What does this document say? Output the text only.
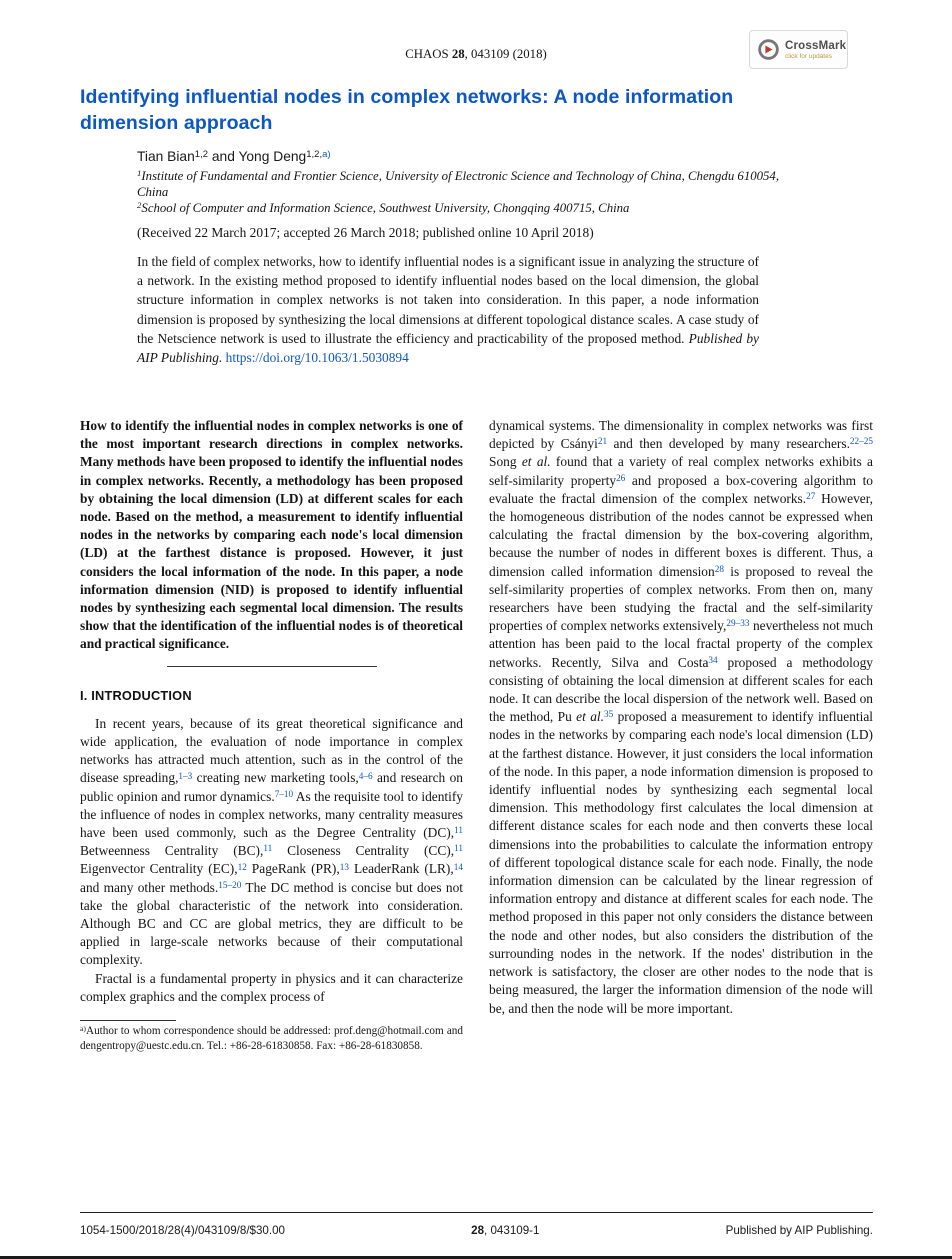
CHAOS 28, 043109 (2018)
CrossMark
click for updates
Identifying influential nodes in complex networks: A node information dimension approach
Tian Bian$^{1,2}$ and Yong Deng$^{1,2,a)}$
$^1$Institute of Fundamental and Frontier Science, University of Electronic Science and Technology of China, Chengdu 610054, China
$^2$School of Computer and Information Science, Southwest University, Chongqing 400715, China
(Received 22 March 2017; accepted 26 March 2018; published online 10 April 2018)
In the field of complex networks, how to identify influential nodes is a significant issue in analyzing the structure of a network. In the existing method proposed to identify influential nodes based on the local dimension, the global structure information in complex networks is not taken into consideration. In this paper, a node information dimension is proposed by synthesizing the local dimensions at different topological distance scales. A case study of the Netscience network is used to illustrate the efficiency and practicability of the proposed method. Published by AIP Publishing. https://doi.org/10.1063/1.5030894

How to identify the influential nodes in complex networks is one of the most important research directions in complex networks. Many methods have been proposed to identify the influential nodes in complex networks. Recently, a methodology has been proposed by obtaining the local dimension (LD) at different scales for each node. Based on the method, a measurement to identify influential nodes in the networks by comparing each node's local dimension (LD) at the farthest distance is proposed. However, it just considers the local information of the node. In this paper, a node information dimension (NID) is proposed to identify influential nodes by synthesizing each segmental local dimension. The results show that the identification of the influential nodes is of theoretical and practical significance.

I. INTRODUCTION

In recent years, because of its great theoretical significance and wide application, the evaluation of node importance in complex networks has attracted much attention, such as in the control of the disease spreading,$^{1-3}$ creating new marketing tools,$^{4-6}$ and research on public opinion and rumor dynamics.$^{7-10}$ As the requisite tool to identify the influence of nodes in complex networks, many centrality measures have been used commonly, such as the Degree Centrality (DC),$^{11}$ Betweenness Centrality (BC),$^{11}$ Closeness Centrality (CC),$^{11}$ Eigenvector Centrality (EC),$^{12}$ PageRank (PR),$^{13}$ LeaderRank (LR),$^{14}$ and many other methods.$^{15-20}$ The DC method is concise but does not take the global characteristic of the network into consideration. Although BC and CC are global metrics, they are difficult to be applied in large-scale networks because of their computational complexity.

Fractal is a fundamental property in physics and it can characterize complex graphics and the complex process of

$^{a)}$Author to whom correspondence should be addressed: prof.deng@hotmail.com and dengentropy@uestc.edu.cn. Tel.: +86-28-61830858. Fax: +86-28-61830858.

dynamical systems. The dimensionality in complex networks was first depicted by Csányi$^{21}$ and then developed by many researchers.$^{22-25}$ Song et al. found that a variety of real complex networks exhibits a self-similarity property$^{26}$ and proposed a box-covering algorithm to evaluate the fractal dimension of the complex networks.$^{27}$ However, the homogeneous distribution of the nodes cannot be expressed when calculating the fractal dimension by the box-covering algorithm, because the number of nodes in different boxes is different. Thus, a dimension called information dimension$^{28}$ is proposed to reveal the self-similarity properties of complex networks. From then on, many researchers have been studying the fractal and the self-similarity properties of complex networks extensively,$^{29-33}$ nevertheless not much attention has been paid to the local fractal property of the complex networks. Recently, Silva and Costa$^{34}$ proposed a methodology consisting of obtaining the local dimension at different scales for each node. It can describe the local dispersion of the network well. Based on the method, Pu et al.$^{35}$ proposed a measurement to identify influential nodes in the networks by comparing each node's local dimension (LD) at the farthest distance. However, it just considers the local information of the node. In this paper, a node information dimension is proposed to identify influential nodes by synthesizing each segmental local dimension. This methodology first calculates the local dimension at different distance scales for each node and then converts these local dimensions into the probabilities to calculate the information entropy of different topological distance scale for each node. Finally, the node information dimension can be calculated by the linear regression of information entropy and distance at different scales for each node. The method proposed in this paper not only considers the distance between the node and other nodes, but also considers the distribution of the surrounding nodes in the network. If the nodes' distribution in the network is satisfactory, the closer are other nodes to the node that is being measured, the larger the information dimension of the node will be, and then the node will be more important.

1054-1500/2018/28(4)/043109/8/$30.00	28, 043109-1	Published by AIP Publishing.
